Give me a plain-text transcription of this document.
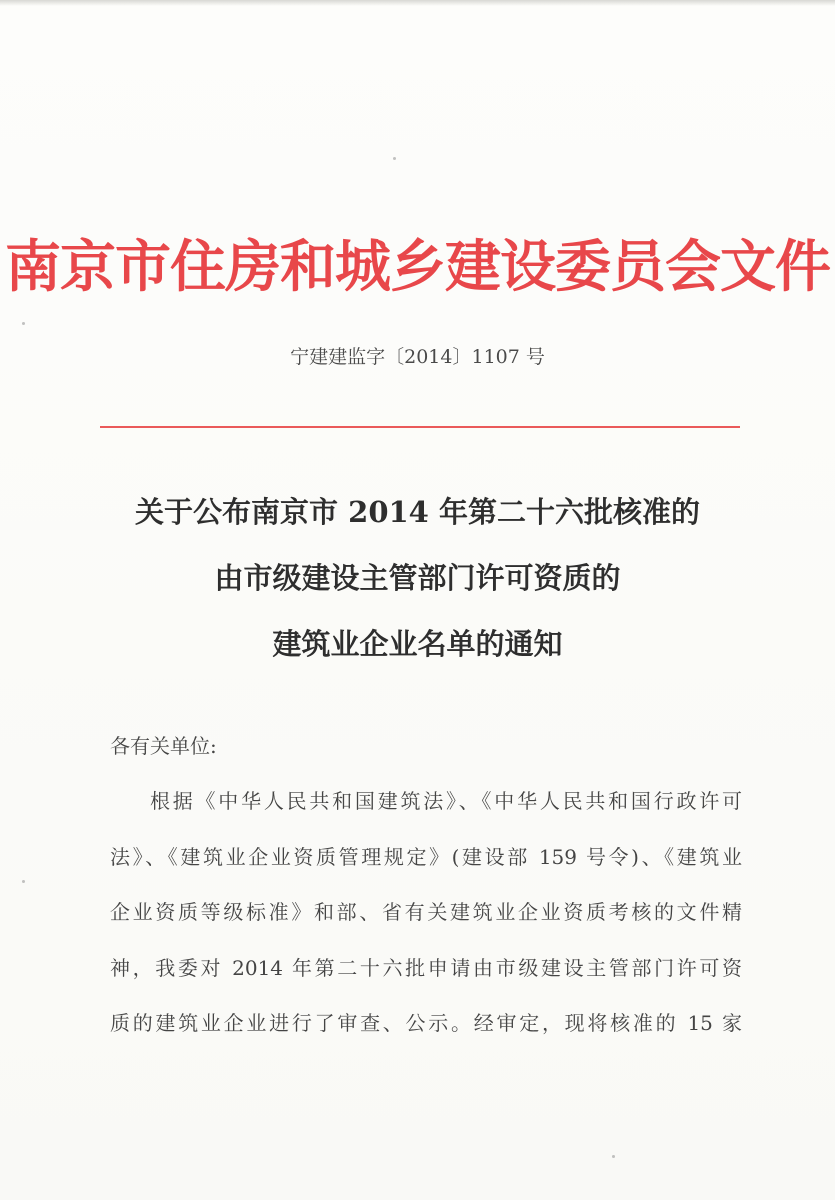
南京市住房和城乡建设委员会文件
宁建建监字〔2014〕1107 号
关于公布南京市 2014 年第二十六批核准的
由市级建设主管部门许可资质的
建筑业企业名单的通知
各有关单位:
根据《中华人民共和国建筑法》、《中华人民共和国行政许可
法》、《建筑业企业资质管理规定》(建设部 159 号令)、《建筑业
企业资质等级标准》和部、省有关建筑业企业资质考核的文件精
神，我委对 2014 年第二十六批申请由市级建设主管部门许可资
质的建筑业企业进行了审查、公示。经审定，现将核准的 15 家
